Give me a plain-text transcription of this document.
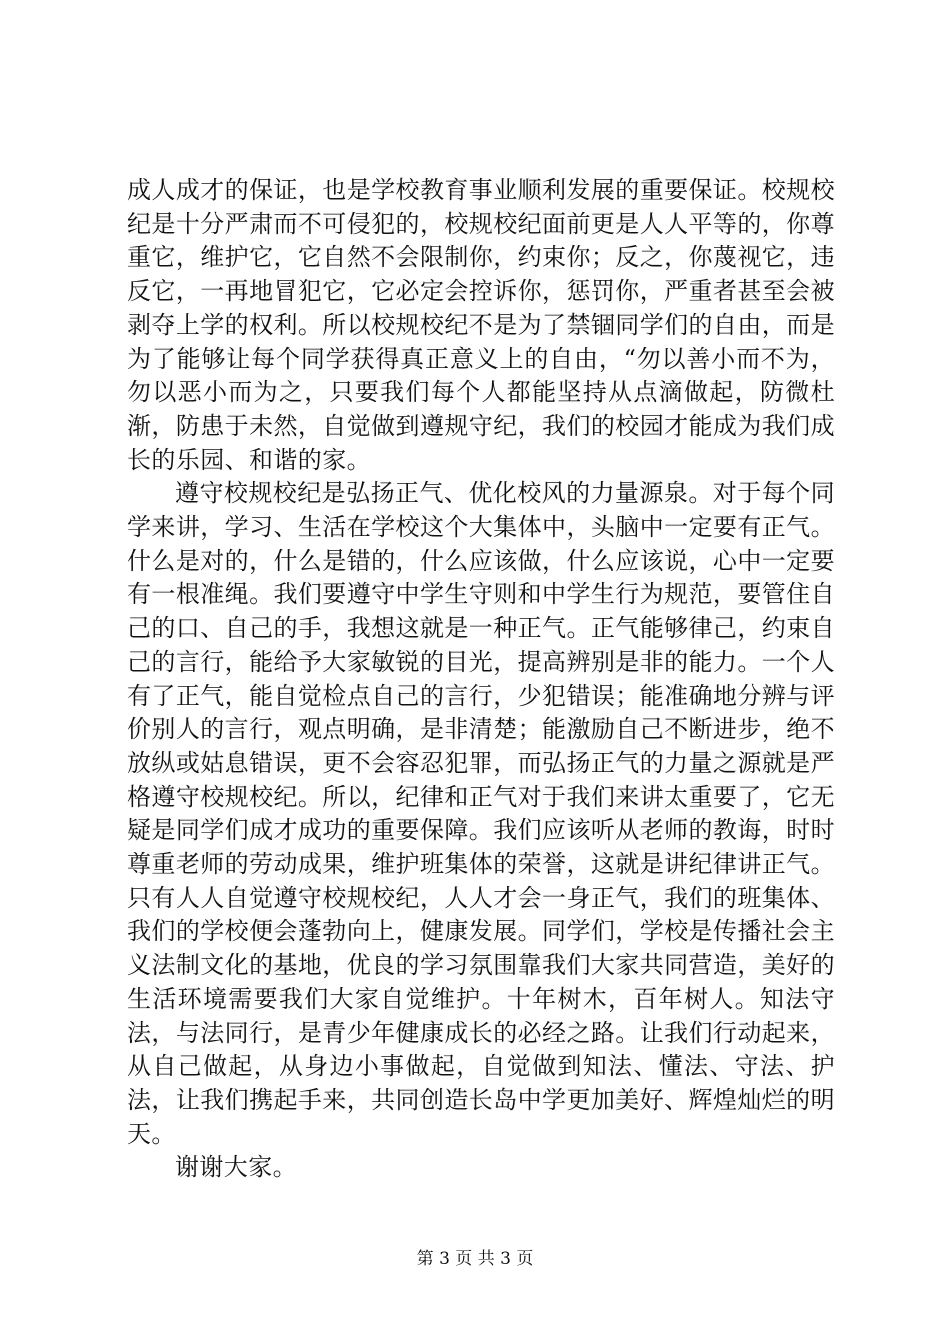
成人成才的保证，也是学校教育事业顺利发展的重要保证。校规校纪是十分严肃而不可侵犯的，校规校纪面前更是人人平等的，你尊重它，维护它，它自然不会限制你，约束你；反之，你蔑视它，违反它，一再地冒犯它，它必定会控诉你，惩罚你，严重者甚至会被剥夺上学的权利。所以校规校纪不是为了禁锢同学们的自由，而是为了能够让每个同学获得真正意义上的自由，“勿以善小而不为，勿以恶小而为之，只要我们每个人都能坚持从点滴做起，防微杜渐，防患于未然，自觉做到遵规守纪，我们的校园才能成为我们成长的乐园、和谐的家。

遵守校规校纪是弘扬正气、优化校风的力量源泉。对于每个同学来讲，学习、生活在学校这个大集体中，头脑中一定要有正气。什么是对的，什么是错的，什么应该做，什么应该说，心中一定要有一根准绳。我们要遵守中学生守则和中学生行为规范，要管住自己的口、自己的手，我想这就是一种正气。正气能够律己，约束自己的言行，能给予大家敏锐的目光，提高辨别是非的能力。一个人有了正气，能自觉检点自己的言行，少犯错误；能准确地分辨与评价别人的言行，观点明确，是非清楚；能激励自己不断进步，绝不放纵或姑息错误，更不会容忍犯罪，而弘扬正气的力量之源就是严格遵守校规校纪。所以，纪律和正气对于我们来讲太重要了，它无疑是同学们成才成功的重要保障。我们应该听从老师的教诲，时时尊重老师的劳动成果，维护班集体的荣誉，这就是讲纪律讲正气。只有人人自觉遵守校规校纪，人人才会一身正气，我们的班集体、我们的学校便会蓬勃向上，健康发展。同学们，学校是传播社会主义法制文化的基地，优良的学习氛围靠我们大家共同营造，美好的生活环境需要我们大家自觉维护。十年树木，百年树人。知法守法，与法同行，是青少年健康成长的必经之路。让我们行动起来，从自己做起，从身边小事做起，自觉做到知法、懂法、守法、护法，让我们携起手来，共同创造长岛中学更加美好、辉煌灿烂的明天。

谢谢大家。

第 3 页 共 3 页
